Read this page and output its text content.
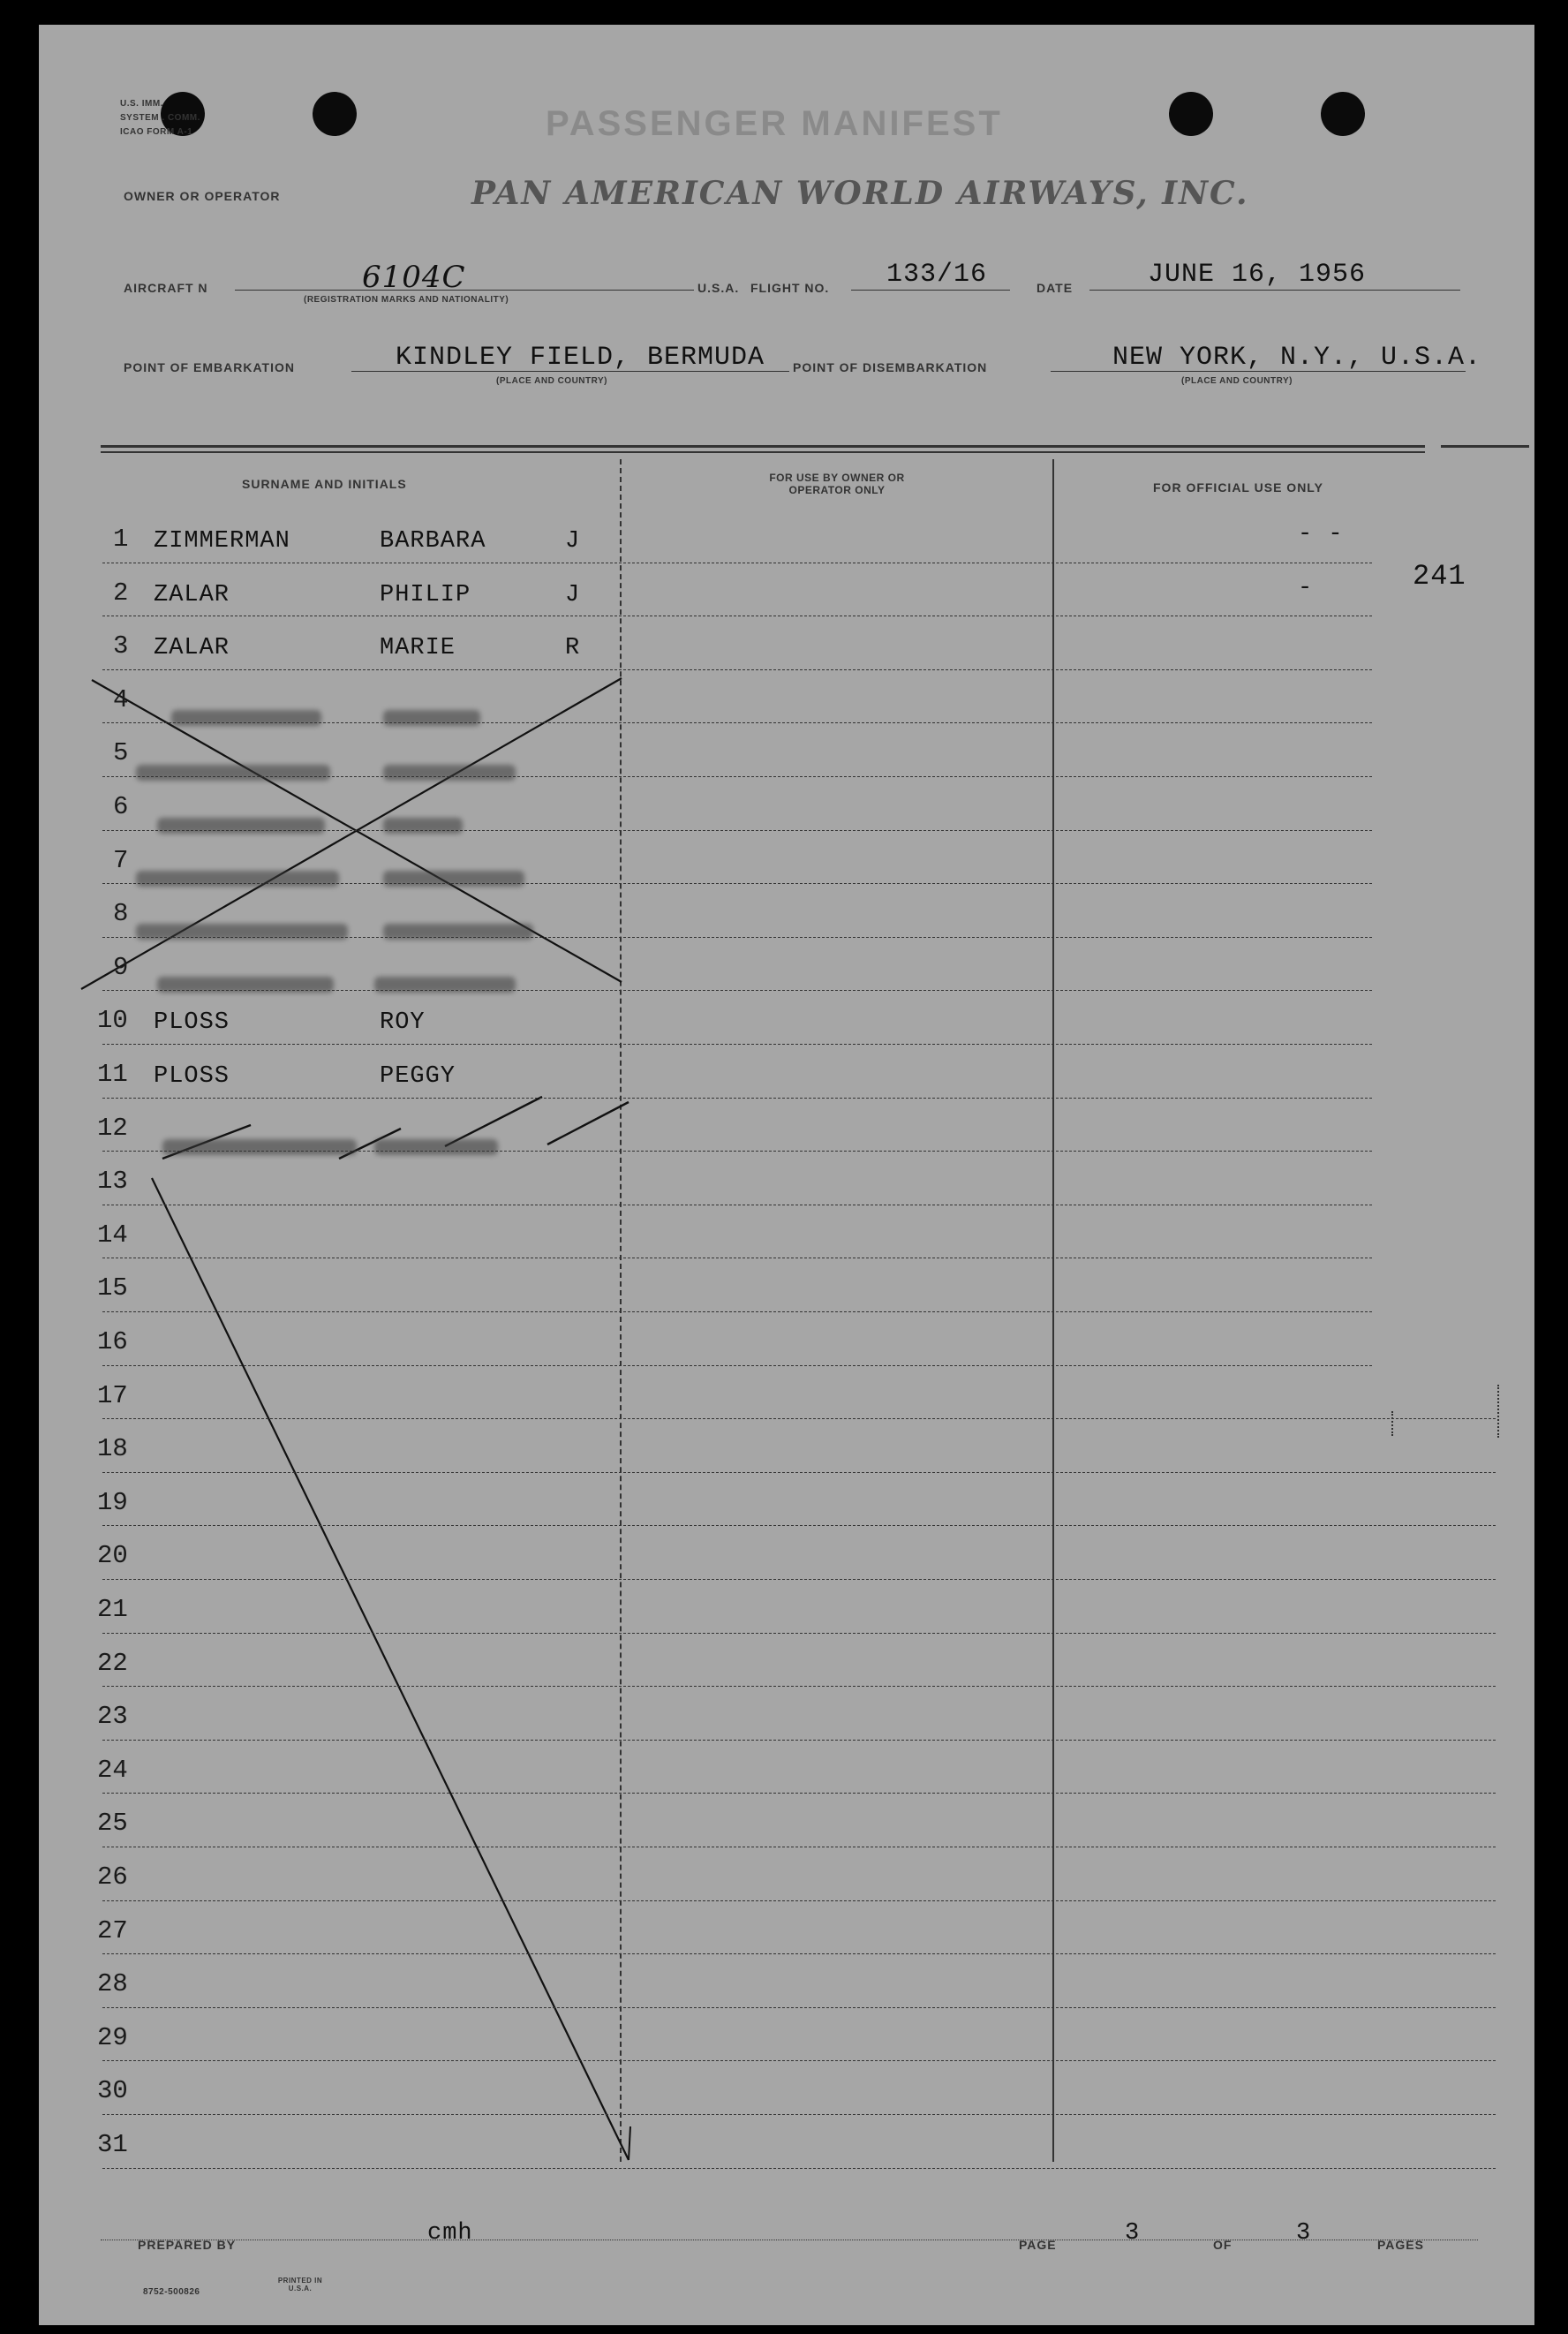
U.S. IMM.
SYSTEM . COMM.
ICAO FORM A-1	PASSENGER MANIFEST
OWNER OR OPERATOR	PAN AMERICAN WORLD AIRWAYS, INC.
AIRCRAFT N	6104C
(REGISTRATION MARKS AND NATIONALITY)
U.S.A. FLIGHT NO. 133/16	DATE	JUNE 16, 1956
POINT OF EMBARKATION	KINDLEY FIELD, BERMUDA
(PLACE AND COUNTRY)
POINT OF DISEMBARKATION	NEW YORK, N.Y., U.S.A.
(PLACE AND COUNTRY)
SURNAME AND INITIALS	FOR USE BY OWNER OR OPERATOR ONLY	FOR OFFICIAL USE ONLY
241
PREPARED BY	cmh	PAGE	3	OF	3	PAGES
8752-500826
PRINTED IN U.S.A.
1 ZIMMERMAN	BARBARA	J	- -
2 ZALAR	PHILIP	J	-
3 ZALAR	MARIE	R
4
5
6
7
8
9
10 PLOSS	ROY
11 PLOSS	PEGGY
12
13
14
15
16
17
18
19
20
21
22
23
24
25
26
27
28
29
30
31
